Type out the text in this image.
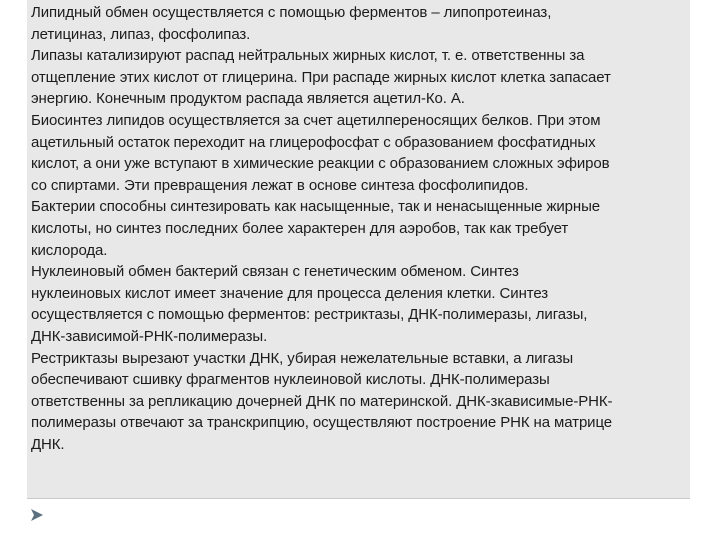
Липидный обмен осуществляется с помощью ферментов – липопротеиназ,
летициназ, липаз, фосфолипаз.
Липазы катализируют распад нейтральных жирных кислот, т. е. ответственны за
отщепление этих кислот от глицерина. При распаде жирных кислот клетка запасает
энергию. Конечным продуктом распада является ацетил-Ко. А.
Биосинтез липидов осуществляется за счет ацетилпереносящих белков. При этом
ацетильный остаток переходит на глицерофосфат с образованием фосфатидных
кислот, а они уже вступают в химические реакции с образованием сложных эфиров
со спиртами. Эти превращения лежат в основе синтеза фосфолипидов.
Бактерии способны синтезировать как насыщенные, так и ненасыщенные жирные
кислоты, но синтез последних более характерен для аэробов, так как требует
кислорода.
Нуклеиновый обмен бактерий связан с генетическим обменом. Синтез
нуклеиновых кислот имеет значение для процесса деления клетки. Синтез
осуществляется с помощью ферментов: рестриктазы, ДНК-полимеразы, лигазы,
ДНК-зависимой-РНК-полимеразы.
Рестриктазы вырезают участки ДНК, убирая нежелательные вставки, а лигазы
обеспечивают сшивку фрагментов нуклеиновой кислоты. ДНК-полимеразы
ответственны за репликацию дочерней ДНК по материнской. ДНК-зкависимые-РНК-
полимеразы отвечают за транскрипцию, осуществляют построение РНК на матрице
ДНК.
